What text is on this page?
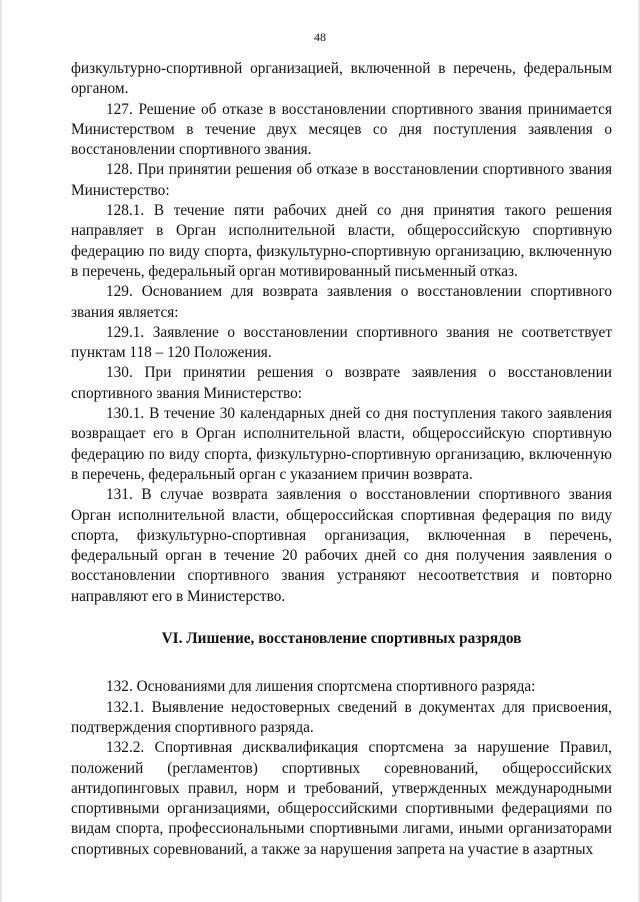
48

физкультурно-спортивной организацией, включенной в перечень, федеральным органом.

127. Решение об отказе в восстановлении спортивного звания принимается Министерством в течение двух месяцев со дня поступления заявления о восстановлении спортивного звания.

128. При принятии решения об отказе в восстановлении спортивного звания Министерство:

128.1. В течение пяти рабочих дней со дня принятия такого решения направляет в Орган исполнительной власти, общероссийскую спортивную федерацию по виду спорта, физкультурно-спортивную организацию, включенную в перечень, федеральный орган мотивированный письменный отказ.

129. Основанием для возврата заявления о восстановлении спортивного звания является:

129.1. Заявление о восстановлении спортивного звания не соответствует пунктам 118 – 120 Положения.

130. При принятии решения о возврате заявления о восстановлении спортивного звания Министерство:

130.1. В течение 30 календарных дней со дня поступления такого заявления возвращает его в Орган исполнительной власти, общероссийскую спортивную федерацию по виду спорта, физкультурно-спортивную организацию, включенную в перечень, федеральный орган с указанием причин возврата.

131. В случае возврата заявления о восстановлении спортивного звания Орган исполнительной власти, общероссийская спортивная федерация по виду спорта, физкультурно-спортивная организация, включенная в перечень, федеральный орган в течение 20 рабочих дней со дня получения заявления о восстановлении спортивного звания устраняют несоответствия и повторно направляют его в Министерство.

VI. Лишение, восстановление спортивных разрядов

132. Основаниями для лишения спортсмена спортивного разряда:

132.1. Выявление недостоверных сведений в документах для присвоения, подтверждения спортивного разряда.

132.2. Спортивная дисквалификация спортсмена за нарушение Правил, положений (регламентов) спортивных соревнований, общероссийских антидопинговых правил, норм и требований, утвержденных международными спортивными организациями, общероссийскими спортивными федерациями по видам спорта, профессиональными спортивными лигами, иными организаторами спортивных соревнований, а также за нарушения запрета на участие в азартных
